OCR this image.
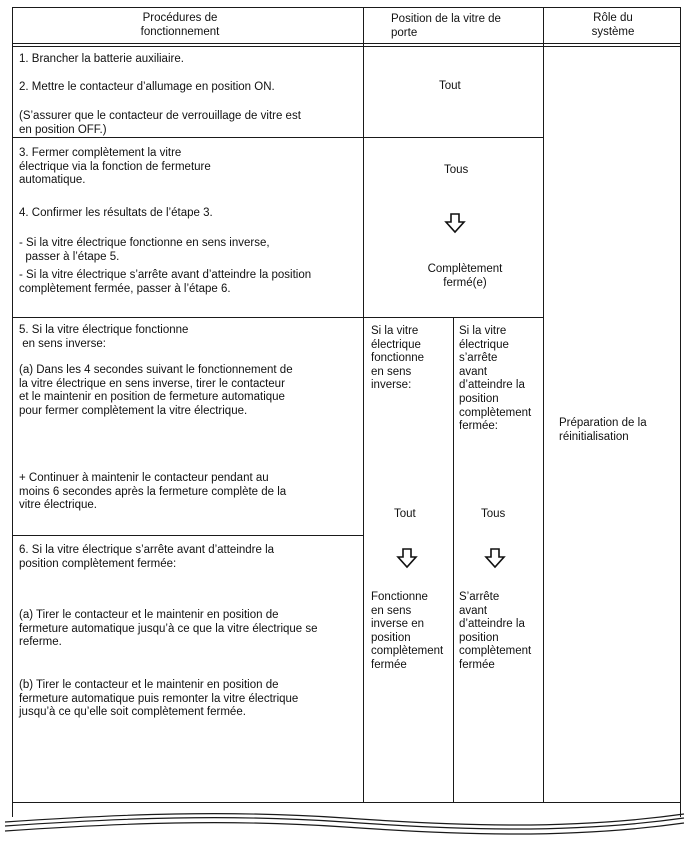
Procédures de
fonctionnement
Position de la vitre de
porte
Rôle du
système
1. Brancher la batterie auxiliaire.
2. Mettre le contacteur d’allumage en position ON.
(S’assurer que le contacteur de verrouillage de vitre est
en position OFF.)
Tout
3. Fermer complètement la vitre
électrique via la fonction de fermeture
automatique.
4. Confirmer les résultats de l’étape 3.
- Si la vitre électrique fonctionne en sens inverse,
passer à l’étape 5.
- Si la vitre électrique s’arrête avant d’atteindre la position
complètement fermée, passer à l’étape 6.
Tous
Complètement
fermé(e)
5. Si la vitre électrique fonctionne
en sens inverse:
(a) Dans les 4 secondes suivant le fonctionnement de
la vitre électrique en sens inverse, tirer le contacteur
et le maintenir en position de fermeture automatique
pour fermer complètement la vitre électrique.
+ Continuer à maintenir le contacteur pendant au
moins 6 secondes après la fermeture complète de la
vitre électrique.
6. Si la vitre électrique s’arrête avant d’atteindre la
position complètement fermée:
(a) Tirer le contacteur et le maintenir en position de
fermeture automatique jusqu’à ce que la vitre électrique se
referme.
(b) Tirer le contacteur et le maintenir en position de
fermeture automatique puis remonter la vitre électrique
jusqu’à ce qu’elle soit complètement fermée.
Si la vitre
électrique
fonctionne
en sens
inverse:
Tout
Fonctionne
en sens
inverse en
position
complètement
fermée
Si la vitre
électrique
s’arrête
avant
d’atteindre la
position
complètement
fermée:
Tous
S’arrête
avant
d’atteindre la
position
complètement
fermée
Préparation de la
réinitialisation
